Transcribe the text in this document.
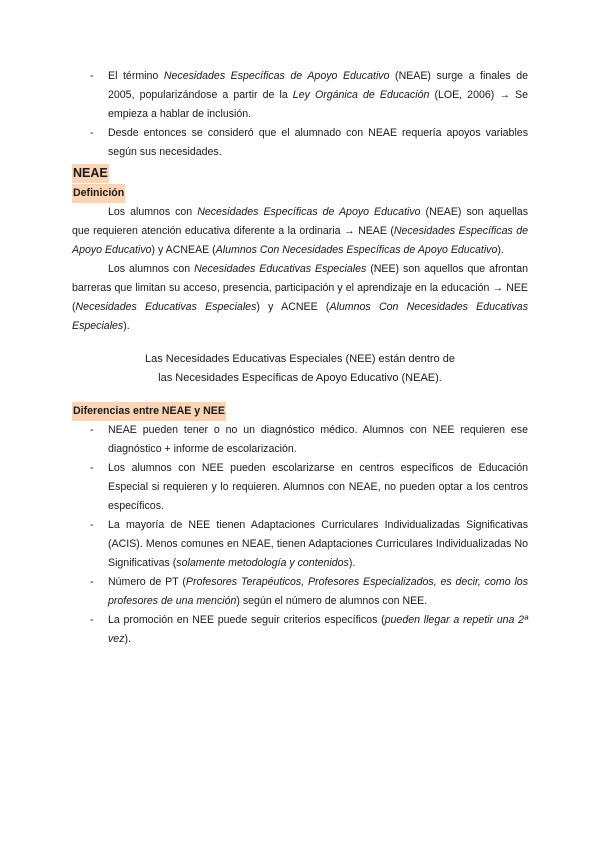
- El término Necesidades Específicas de Apoyo Educativo (NEAE) surge a finales de 2005, popularizándose a partir de la Ley Orgánica de Educación (LOE, 2006) → Se empieza a hablar de inclusión.
- Desde entonces se consideró que el alumnado con NEAE requería apoyos variables según sus necesidades.
NEAE
Definición

Los alumnos con Necesidades Específicas de Apoyo Educativo (NEAE) son aquellas que requieren atención educativa diferente a la ordinaria → NEAE (Necesidades Específicas de Apoyo Educativo) y ACNEAE (Alumnos Con Necesidades Específicas de Apoyo Educativo).

Los alumnos con Necesidades Educativas Especiales (NEE) son aquellos que afrontan barreras que limitan su acceso, presencia, participación y el aprendizaje en la educación → NEE (Necesidades Educativas Especiales) y ACNEE (Alumnos Con Necesidades Educativas Especiales).

Las Necesidades Educativas Especiales (NEE) están dentro de
las Necesidades Específicas de Apoyo Educativo (NEAE).
Diferencias entre NEAE y NEE
- NEAE pueden tener o no un diagnóstico médico. Alumnos con NEE requieren ese diagnóstico + informe de escolarización.
- Los alumnos con NEE pueden escolarizarse en centros específicos de Educación Especial si requieren y lo requieren. Alumnos con NEAE, no pueden optar a los centros específicos.
- La mayoría de NEE tienen Adaptaciones Curriculares Individualizadas Significativas (ACIS). Menos comunes en NEAE, tienen Adaptaciones Curriculares Individualizadas No Significativas (solamente metodología y contenidos).
- Número de PT (Profesores Terapéuticos, Profesores Especializados, es decir, como los profesores de una mención) según el número de alumnos con NEE.
- La promoción en NEE puede seguir criterios específicos (pueden llegar a repetir una 2ª vez).
